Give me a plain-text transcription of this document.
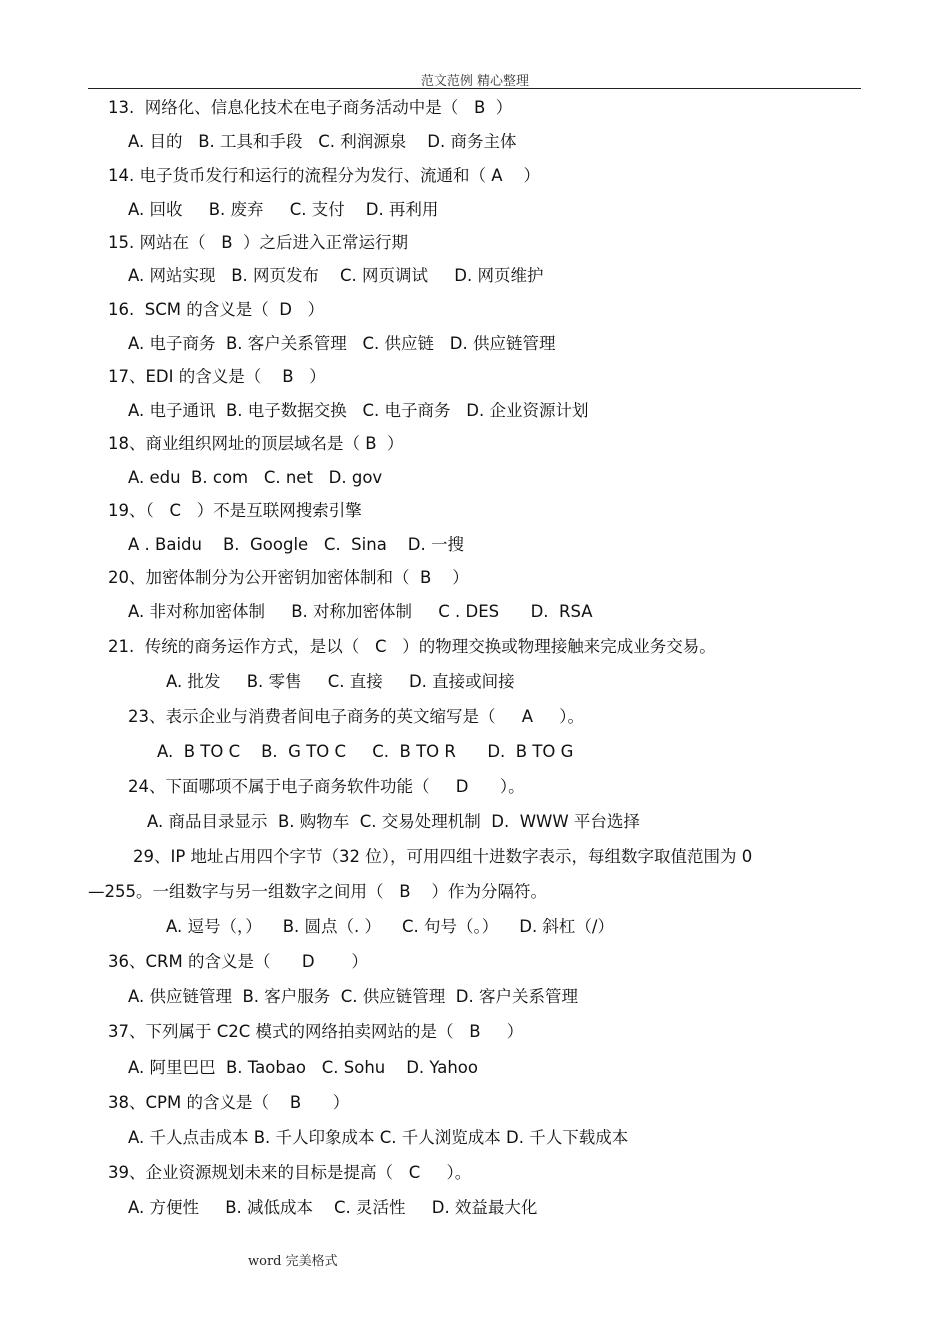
范文范例 精心整理
13.  网络化、信息化技术在电子商务活动中是（   B  ）
A. 目的   B. 工具和手段   C. 利润源泉    D. 商务主体
14. 电子货币发行和运行的流程分为发行、流通和（ A    ）
A. 回收     B. 废弃     C. 支付    D. 再利用
15. 网站在（   B  ）之后进入正常运行期
A. 网站实现   B. 网页发布    C. 网页调试     D. 网页维护
16.  SCM 的含义是（  D   ）
A. 电子商务  B. 客户关系管理   C. 供应链   D. 供应链管理
17、EDI 的含义是（    B   ）
A. 电子通讯  B. 电子数据交换   C. 电子商务   D. 企业资源计划
18、商业组织网址的顶层域名是（ B  ）
A. edu  B. com   C. net   D. gov
19、（   C   ）不是互联网搜索引擎
A . Baidu    B.  Google   C.  Sina    D. 一搜
20、加密体制分为公开密钥加密体制和（  B    ）
A. 非对称加密体制     B. 对称加密体制     C . DES      D.  RSA
21.  传统的商务运作方式，是以（   C   ）的物理交换或物理接触来完成业务交易。
A. 批发     B. 零售     C. 直接     D. 直接或间接
23、表示企业与消费者间电子商务的英文缩写是（     A     ）。
A.  B TO C    B.  G TO C     C.  B TO R      D.  B TO G
24、下面哪项不属于电子商务软件功能（     D      ）。
A. 商品目录显示  B. 购物车  C. 交易处理机制  D.  WWW 平台选择
29、IP 地址占用四个字节（32 位），可用四组十进数字表示，每组数字取值范围为 0
—255。一组数字与另一组数字之间用（   B    ）作为分隔符。
A. 逗号（，）    B. 圆点（. ）    C. 句号（。）    D. 斜杠（/）
36、CRM 的含义是（      D       ）
A. 供应链管理  B. 客户服务  C. 供应链管理  D. 客户关系管理
37、下列属于 C2C 模式的网络拍卖网站的是（   B     ）
A. 阿里巴巴  B. Taobao   C. Sohu    D. Yahoo
38、CPM 的含义是（    B      ）
A. 千人点击成本 B. 千人印象成本 C. 千人浏览成本 D. 千人下载成本
39、企业资源规划未来的目标是提高（   C     ）。
A. 方便性     B. 减低成本    C. 灵活性     D. 效益最大化
word 完美格式
